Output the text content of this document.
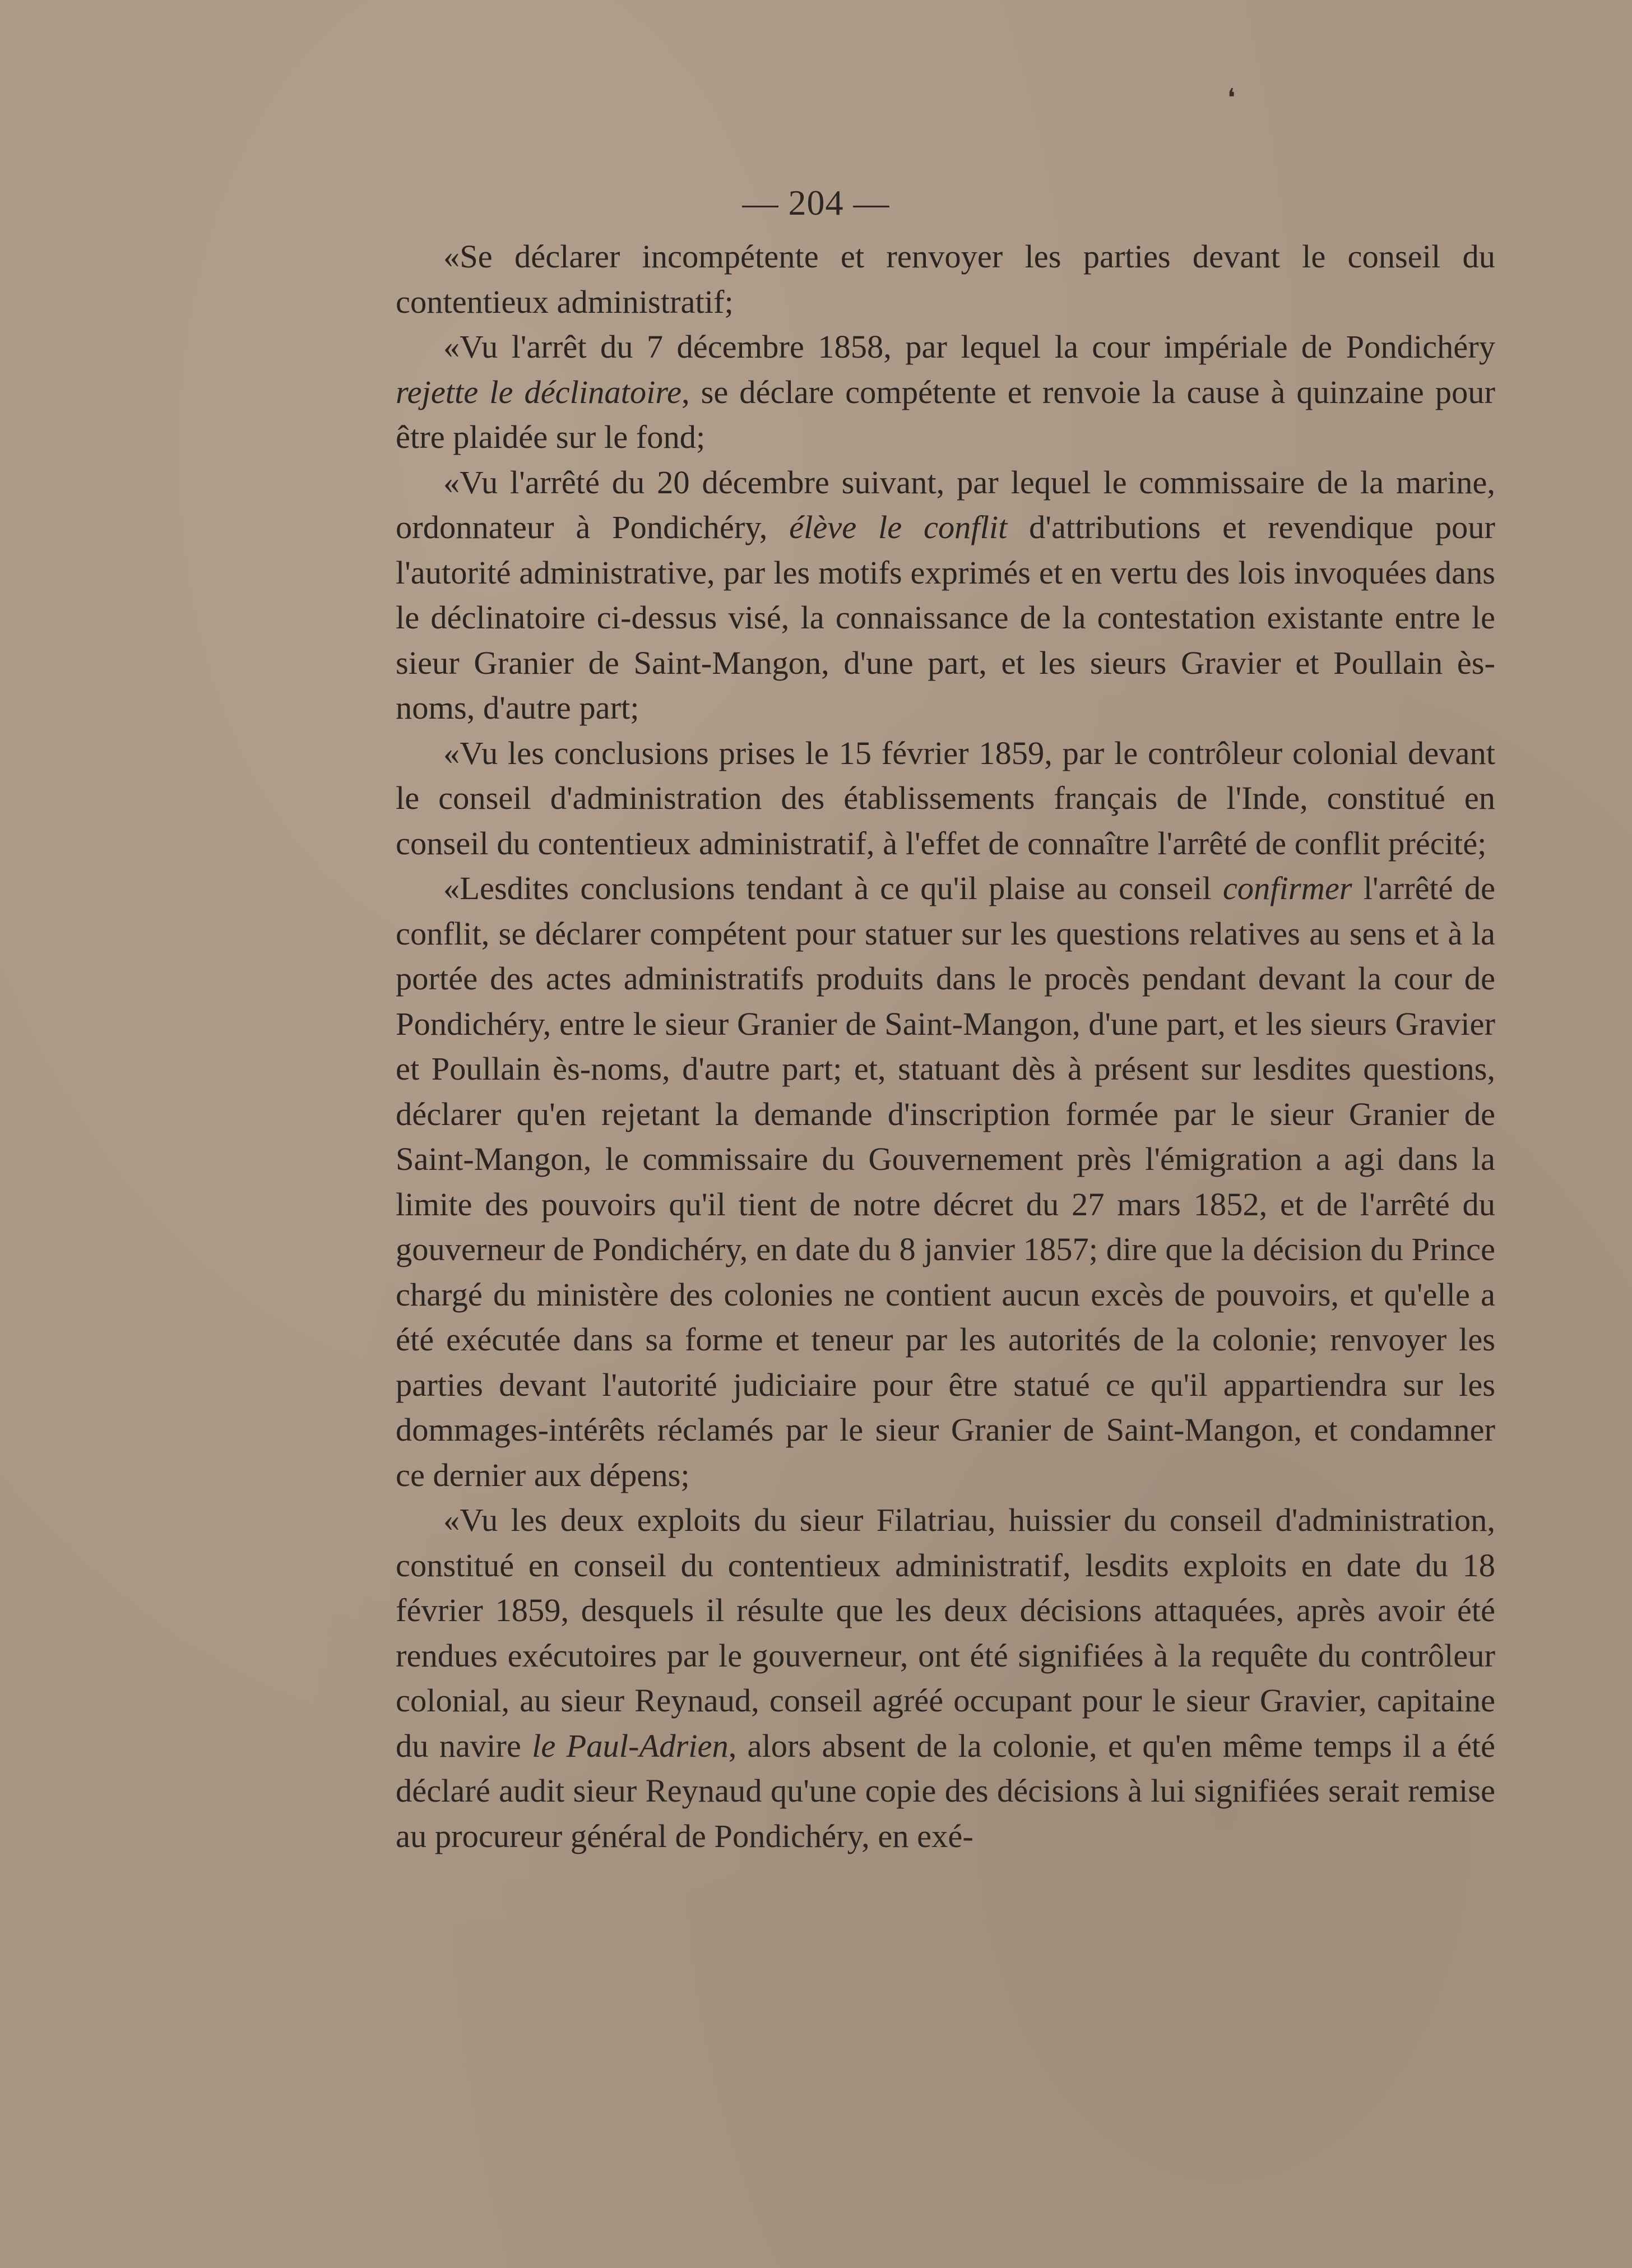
❛
— 204 —

«Se déclarer incompétente et renvoyer les parties devant le conseil du contentieux administratif;

«Vu l'arrêt du 7 décembre 1858, par lequel la cour impériale de Pondichéry rejette le déclinatoire, se déclare compétente et renvoie la cause à quinzaine pour être plaidée sur le fond;

«Vu l'arrêté du 20 décembre suivant, par lequel le commissaire de la marine, ordonnateur à Pondichéry, élève le conflit d'attributions et revendique pour l'autorité administrative, par les motifs exprimés et en vertu des lois invoquées dans le déclinatoire ci-dessus visé, la connaissance de la contestation existante entre le sieur Granier de Saint-Mangon, d'une part, et les sieurs Gravier et Poullain ès-noms, d'autre part;

«Vu les conclusions prises le 15 février 1859, par le contrôleur colonial devant le conseil d'administration des établissements français de l'Inde, constitué en conseil du contentieux administratif, à l'effet de connaître l'arrêté de conflit précité;

«Lesdites conclusions tendant à ce qu'il plaise au conseil confirmer l'arrêté de conflit, se déclarer compétent pour statuer sur les questions relatives au sens et à la portée des actes administratifs produits dans le procès pendant devant la cour de Pondichéry, entre le sieur Granier de Saint-Mangon, d'une part, et les sieurs Gravier et Poullain ès-noms, d'autre part; et, statuant dès à présent sur lesdites questions, déclarer qu'en rejetant la demande d'inscription formée par le sieur Granier de Saint-Mangon, le commissaire du Gouvernement près l'émigration a agi dans la limite des pouvoirs qu'il tient de notre décret du 27 mars 1852, et de l'arrêté du gouverneur de Pondichéry, en date du 8 janvier 1857; dire que la décision du Prince chargé du ministère des colonies ne contient aucun excès de pouvoirs, et qu'elle a été exécutée dans sa forme et teneur par les autorités de la colonie; renvoyer les parties devant l'autorité judiciaire pour être statué ce qu'il appartiendra sur les dommages-intérêts réclamés par le sieur Granier de Saint-Mangon, et condamner ce dernier aux dépens;

«Vu les deux exploits du sieur Filatriau, huissier du conseil d'administration, constitué en conseil du contentieux administratif, lesdits exploits en date du 18 février 1859, desquels il résulte que les deux décisions attaquées, après avoir été rendues exécutoires par le gouverneur, ont été signifiées à la requête du contrôleur colonial, au sieur Reynaud, conseil agréé occupant pour le sieur Gravier, capitaine du navire le Paul-Adrien, alors absent de la colonie, et qu'en même temps il a été déclaré audit sieur Reynaud qu'une copie des décisions à lui signifiées serait remise au procureur général de Pondichéry, en exé-
